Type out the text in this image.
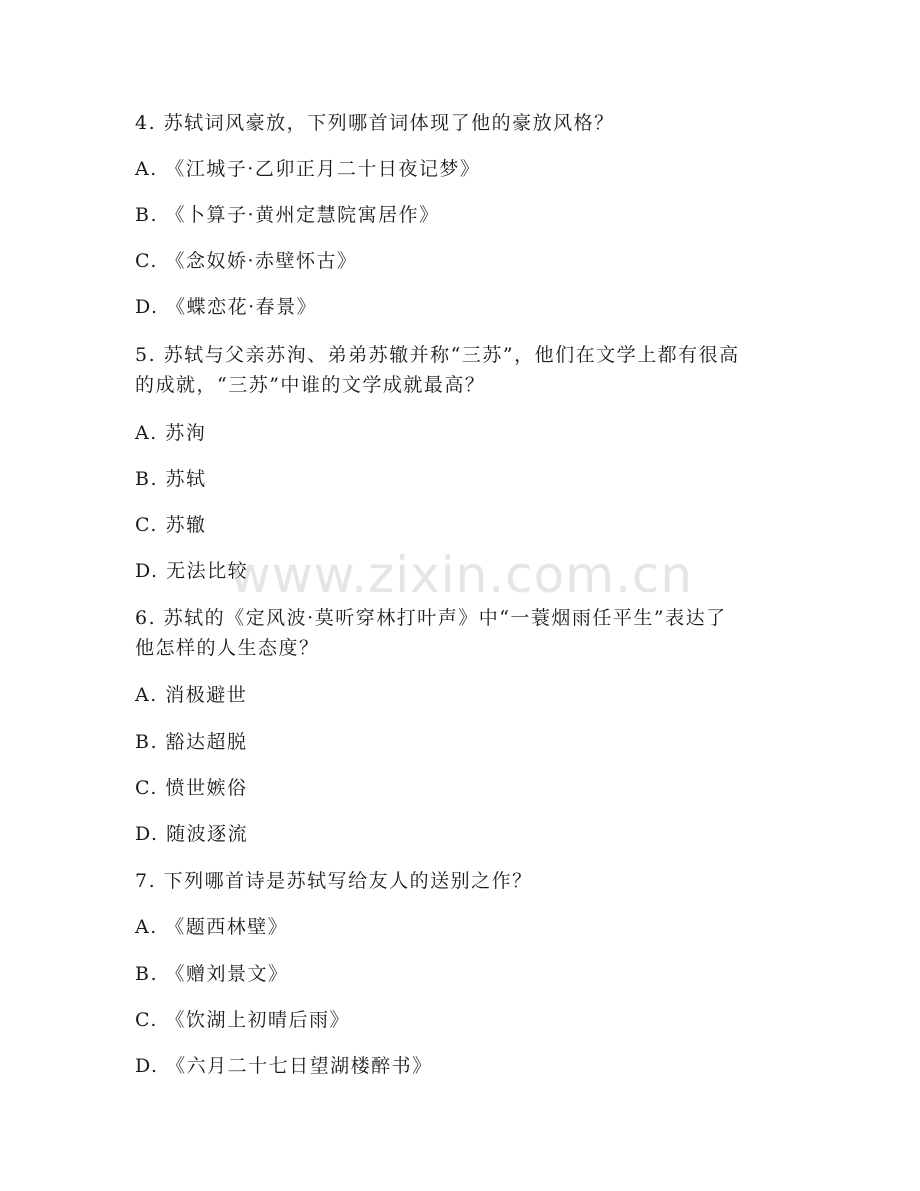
4. 苏轼词风豪放，下列哪首词体现了他的豪放风格？
A. 《江城子·乙卯正月二十日夜记梦》
B. 《卜算子·黄州定慧院寓居作》
C. 《念奴娇·赤壁怀古》
D. 《蝶恋花·春景》
5. 苏轼与父亲苏洵、弟弟苏辙并称“三苏”，他们在文学上都有很高
的成就，“三苏”中谁的文学成就最高？
A. 苏洵
B. 苏轼
C. 苏辙
D. 无法比较
6. 苏轼的《定风波·莫听穿林打叶声》中“一蓑烟雨任平生”表达了
他怎样的人生态度？
A. 消极避世
B. 豁达超脱
C. 愤世嫉俗
D. 随波逐流
7. 下列哪首诗是苏轼写给友人的送别之作？
A. 《题西林壁》
B. 《赠刘景文》
C. 《饮湖上初晴后雨》
D. 《六月二十七日望湖楼醉书》
www.zixin.com.cn
